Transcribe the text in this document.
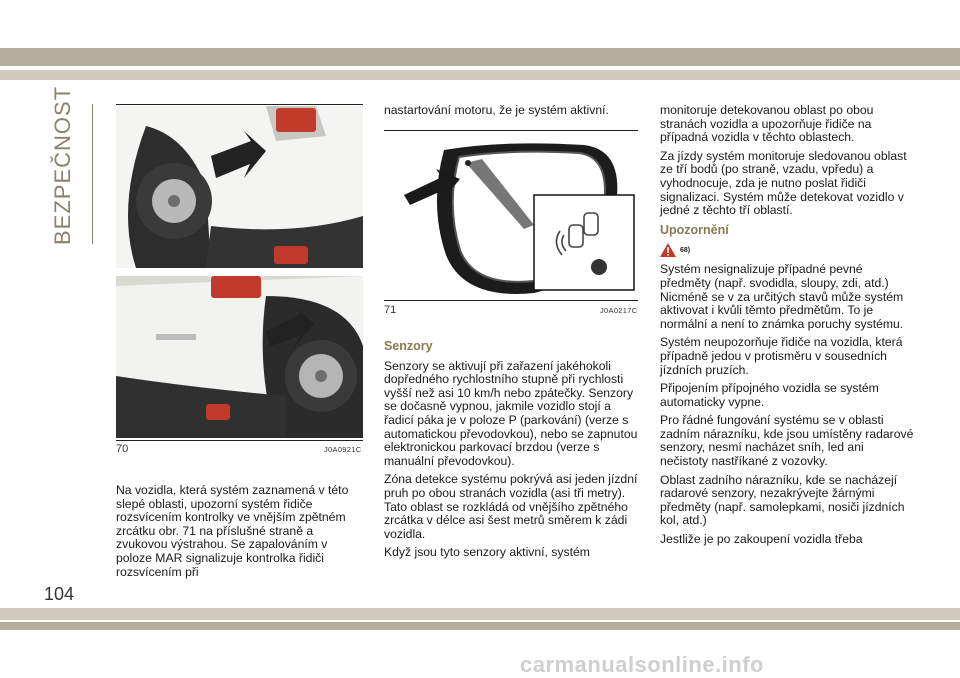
BEZPEČNOST
70	J0A0921C

Na vozidla, která systém zaznamená v této slepé oblasti, upozorní systém řidiče rozsvícením kontrolky ve vnějším zpětném zrcátku obr. 71 na příslušné straně a zvukovou výstrahou. Se zapalováním v poloze MAR signalizuje kontrolka řidiči rozsvícením při

nastartování motoru, že je systém aktivní.

71	J0A0217C
Senzory

Senzory se aktivují při zařazení jakéhokoli dopředného rychlostního stupně při rychlosti vyšší než asi 10 km/h nebo zpátečky. Senzory se dočasně vypnou, jakmile vozidlo stojí a řadicí páka je v poloze P (parkování) (verze s automatickou převodovkou), nebo se zapnutou elektronickou parkovací brzdou (verze s manuální převodovkou).

Zóna detekce systému pokrývá asi jeden jízdní pruh po obou stranách vozidla (asi tři metry). Tato oblast se rozkládá od vnějšího zpětného zrcátka v délce asi šest metrů směrem k zádi vozidla.

Když jsou tyto senzory aktivní, systém

monitoruje detekovanou oblast po obou stranách vozidla a upozorňuje řidiče na případná vozidla v těchto oblastech.

Za jízdy systém monitoruje sledovanou oblast ze tří bodů (po straně, vzadu, vpředu) a vyhodnocuje, zda je nutno poslat řidiči signalizaci. Systém může detekovat vozidlo v jedné z těchto tří oblastí.

Upozornění
68)

Systém nesignalizuje případné pevné předměty (např. svodidla, sloupy, zdi, atd.) Nicméně se v za určitých stavů může systém aktivovat i kvůli těmto předmětům. To je normální a není to známka poruchy systému.

Systém neupozorňuje řidiče na vozidla, která případně jedou v protisměru v sousedních jízdních pruzích.

Připojením přípojného vozidla se systém automaticky vypne.

Pro řádné fungování systému se v oblasti zadním nárazníku, kde jsou umístěny radarové senzory, nesmí nacházet sníh, led ani nečistoty nastříkané z vozovky.

Oblast zadního nárazníku, kde se nacházejí radarové senzory, nezakrývejte žárnými předměty (např. samolepkami, nosiči jízdních kol, atd.)

Jestliže je po zakoupení vozidla třeba

104
carmanualsonline.info
